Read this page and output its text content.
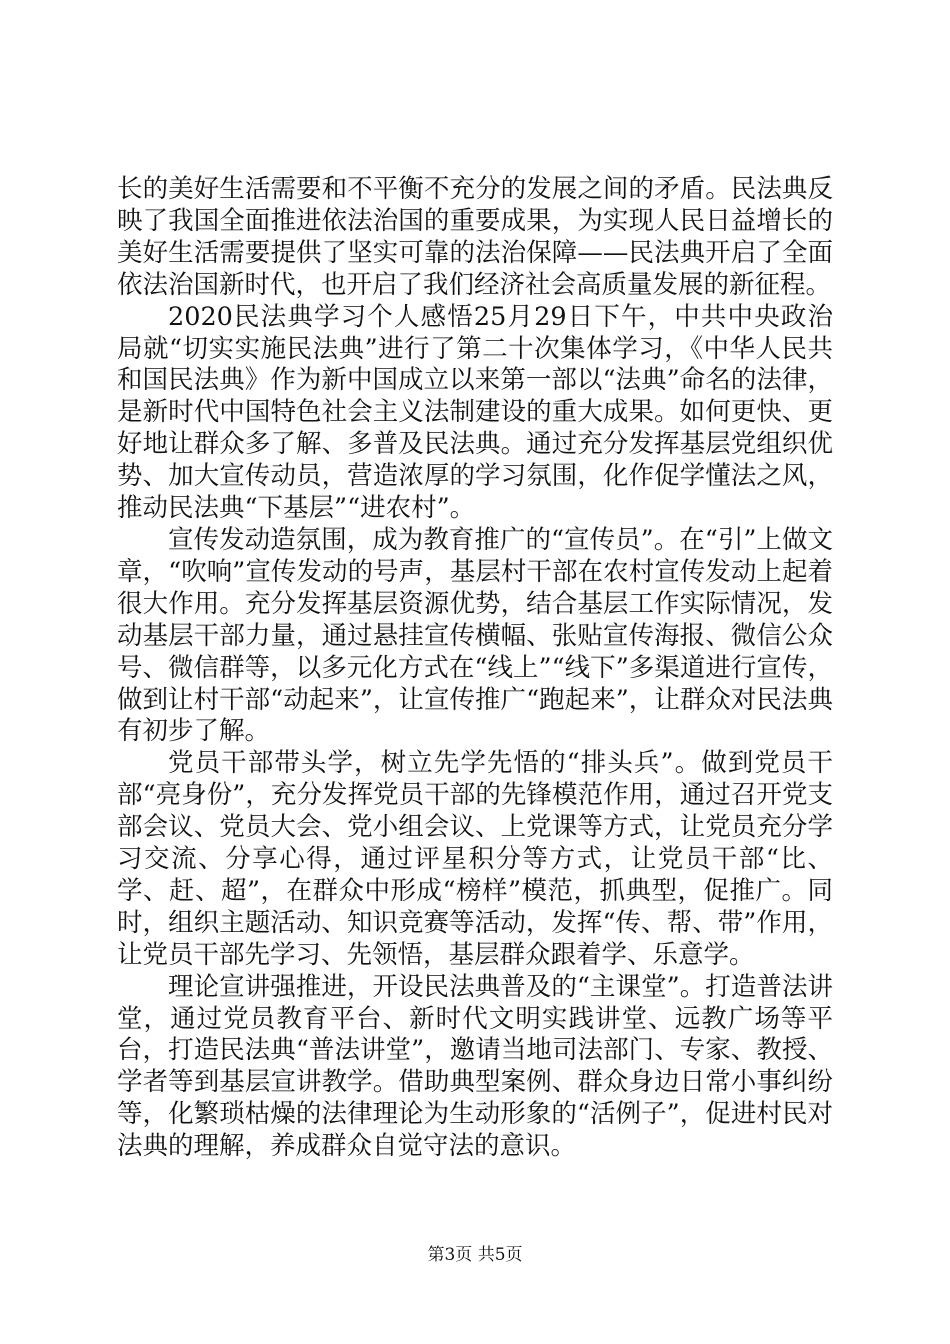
长的美好生活需要和不平衡不充分的发展之间的矛盾。民法典反映了我国全面推进依法治国的重要成果，为实现人民日益增长的美好生活需要提供了坚实可靠的法治保障——民法典开启了全面依法治国新时代，也开启了我们经济社会高质量发展的新征程。

2020民法典学习个人感悟25月29日下午，中共中央政治局就“切实实施民法典”进行了第二十次集体学习，《中华人民共和国民法典》作为新中国成立以来第一部以“法典”命名的法律，是新时代中国特色社会主义法制建设的重大成果。如何更快、更好地让群众多了解、多普及民法典。通过充分发挥基层党组织优势、加大宣传动员，营造浓厚的学习氛围，化作促学懂法之风，推动民法典“下基层”“进农村”。

宣传发动造氛围，成为教育推广的“宣传员”。在“引”上做文章，“吹响”宣传发动的号声，基层村干部在农村宣传发动上起着很大作用。充分发挥基层资源优势，结合基层工作实际情况，发动基层干部力量，通过悬挂宣传横幅、张贴宣传海报、微信公众号、微信群等，以多元化方式在“线上”“线下”多渠道进行宣传，做到让村干部“动起来”，让宣传推广“跑起来”，让群众对民法典有初步了解。

党员干部带头学，树立先学先悟的“排头兵”。做到党员干部“亮身份”，充分发挥党员干部的先锋模范作用，通过召开党支部会议、党员大会、党小组会议、上党课等方式，让党员充分学习交流、分享心得，通过评星积分等方式，让党员干部“比、学、赶、超”，在群众中形成“榜样”模范，抓典型，促推广。同时，组织主题活动、知识竞赛等活动，发挥“传、帮、带”作用，让党员干部先学习、先领悟，基层群众跟着学、乐意学。

理论宣讲强推进，开设民法典普及的“主课堂”。打造普法讲堂，通过党员教育平台、新时代文明实践讲堂、远教广场等平台，打造民法典“普法讲堂”，邀请当地司法部门、专家、教授、学者等到基层宣讲教学。借助典型案例、群众身边日常小事纠纷等，化繁琐枯燥的法律理论为生动形象的“活例子”，促进村民对法典的理解，养成群众自觉守法的意识。

第3页 共5页
